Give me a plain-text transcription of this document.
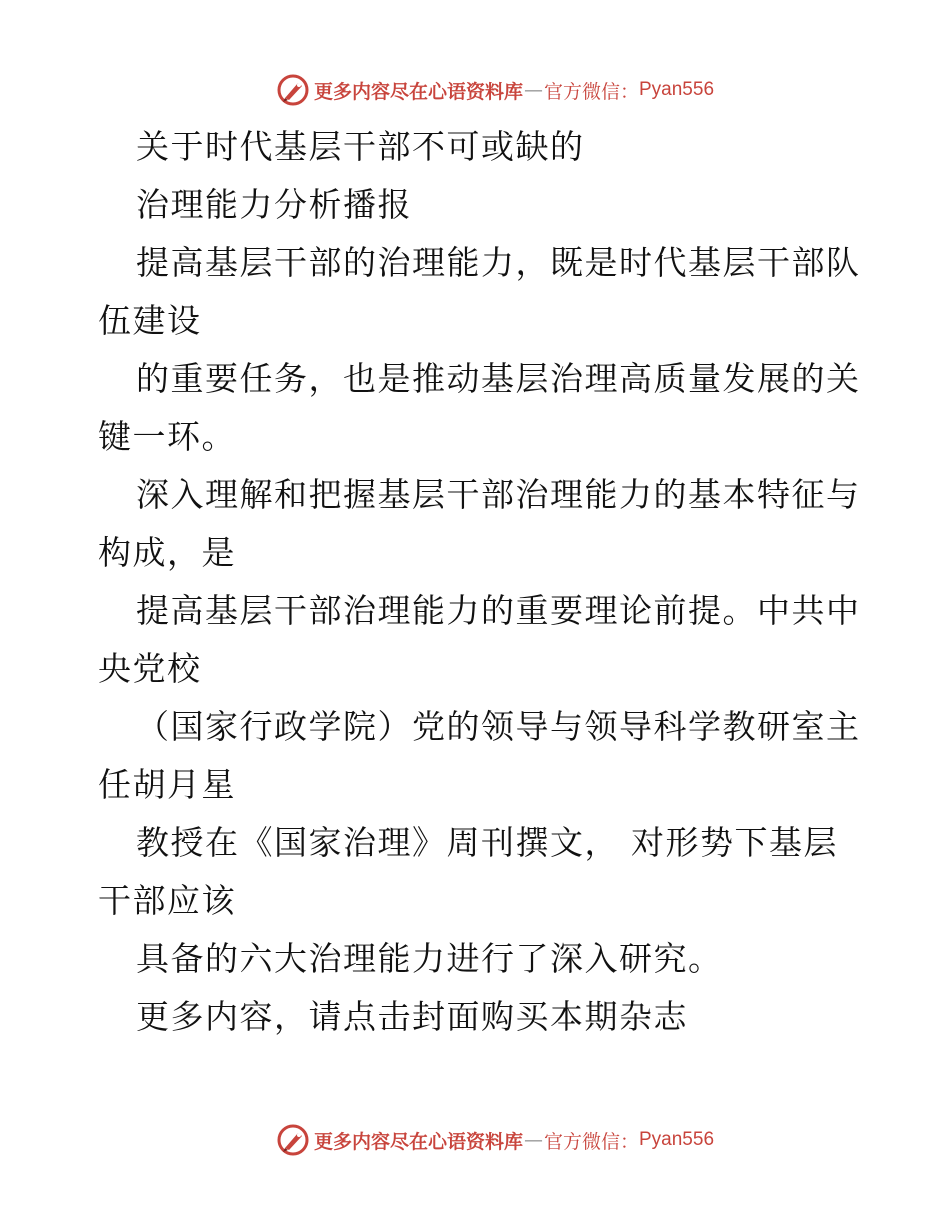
更多内容尽在心语资料库 — 官方微信： Pyan556
关于时代基层干部不可或缺的
治理能力分析播报
提高基层干部的治理能力，既是时代基层干部队
伍建设
的重要任务，也是推动基层治理高质量发展的关
键一环。
深入理解和把握基层干部治理能力的基本特征与
构成，是
提高基层干部治理能力的重要理论前提。中共中
央党校
（国家行政学院）党的领导与领导科学教研室主
任胡月星
教授在《国家治理》周刊撰文， 对形势下基层
干部应该
具备的六大治理能力进行了深入研究。
更多内容，请点击封面购买本期杂志
更多内容尽在心语资料库 — 官方微信： Pyan556
